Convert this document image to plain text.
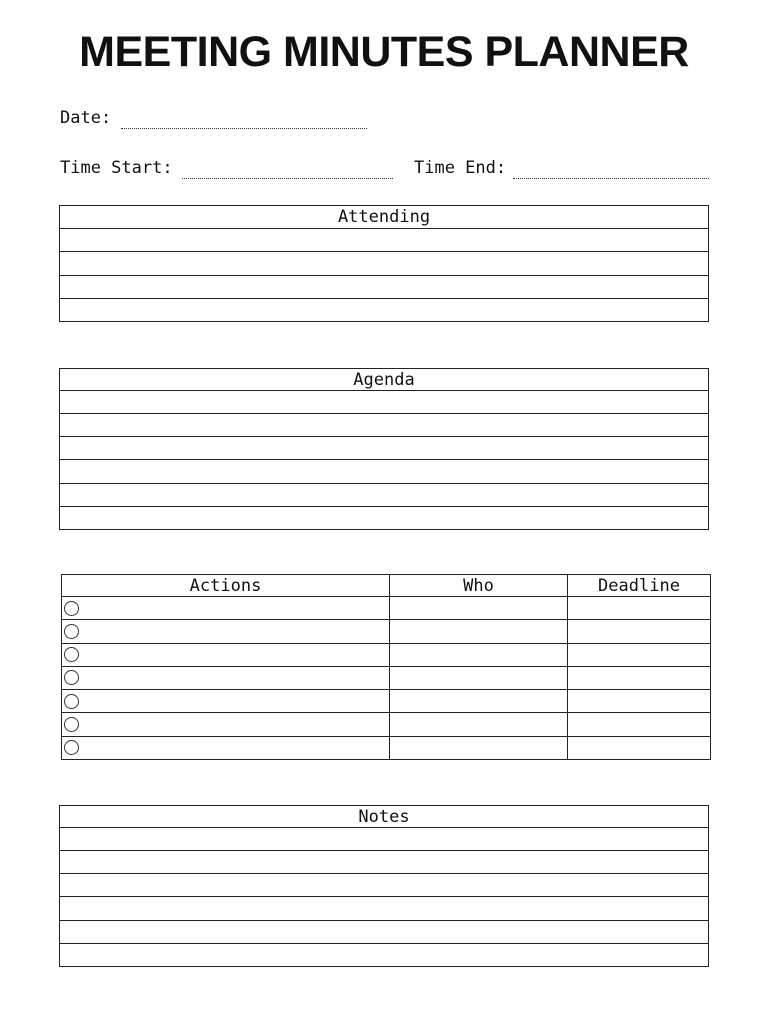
MEETING MINUTES PLANNER
Date:
Time Start:	Time End:
Attending

Agenda

Actions	Who	Deadline

Notes
